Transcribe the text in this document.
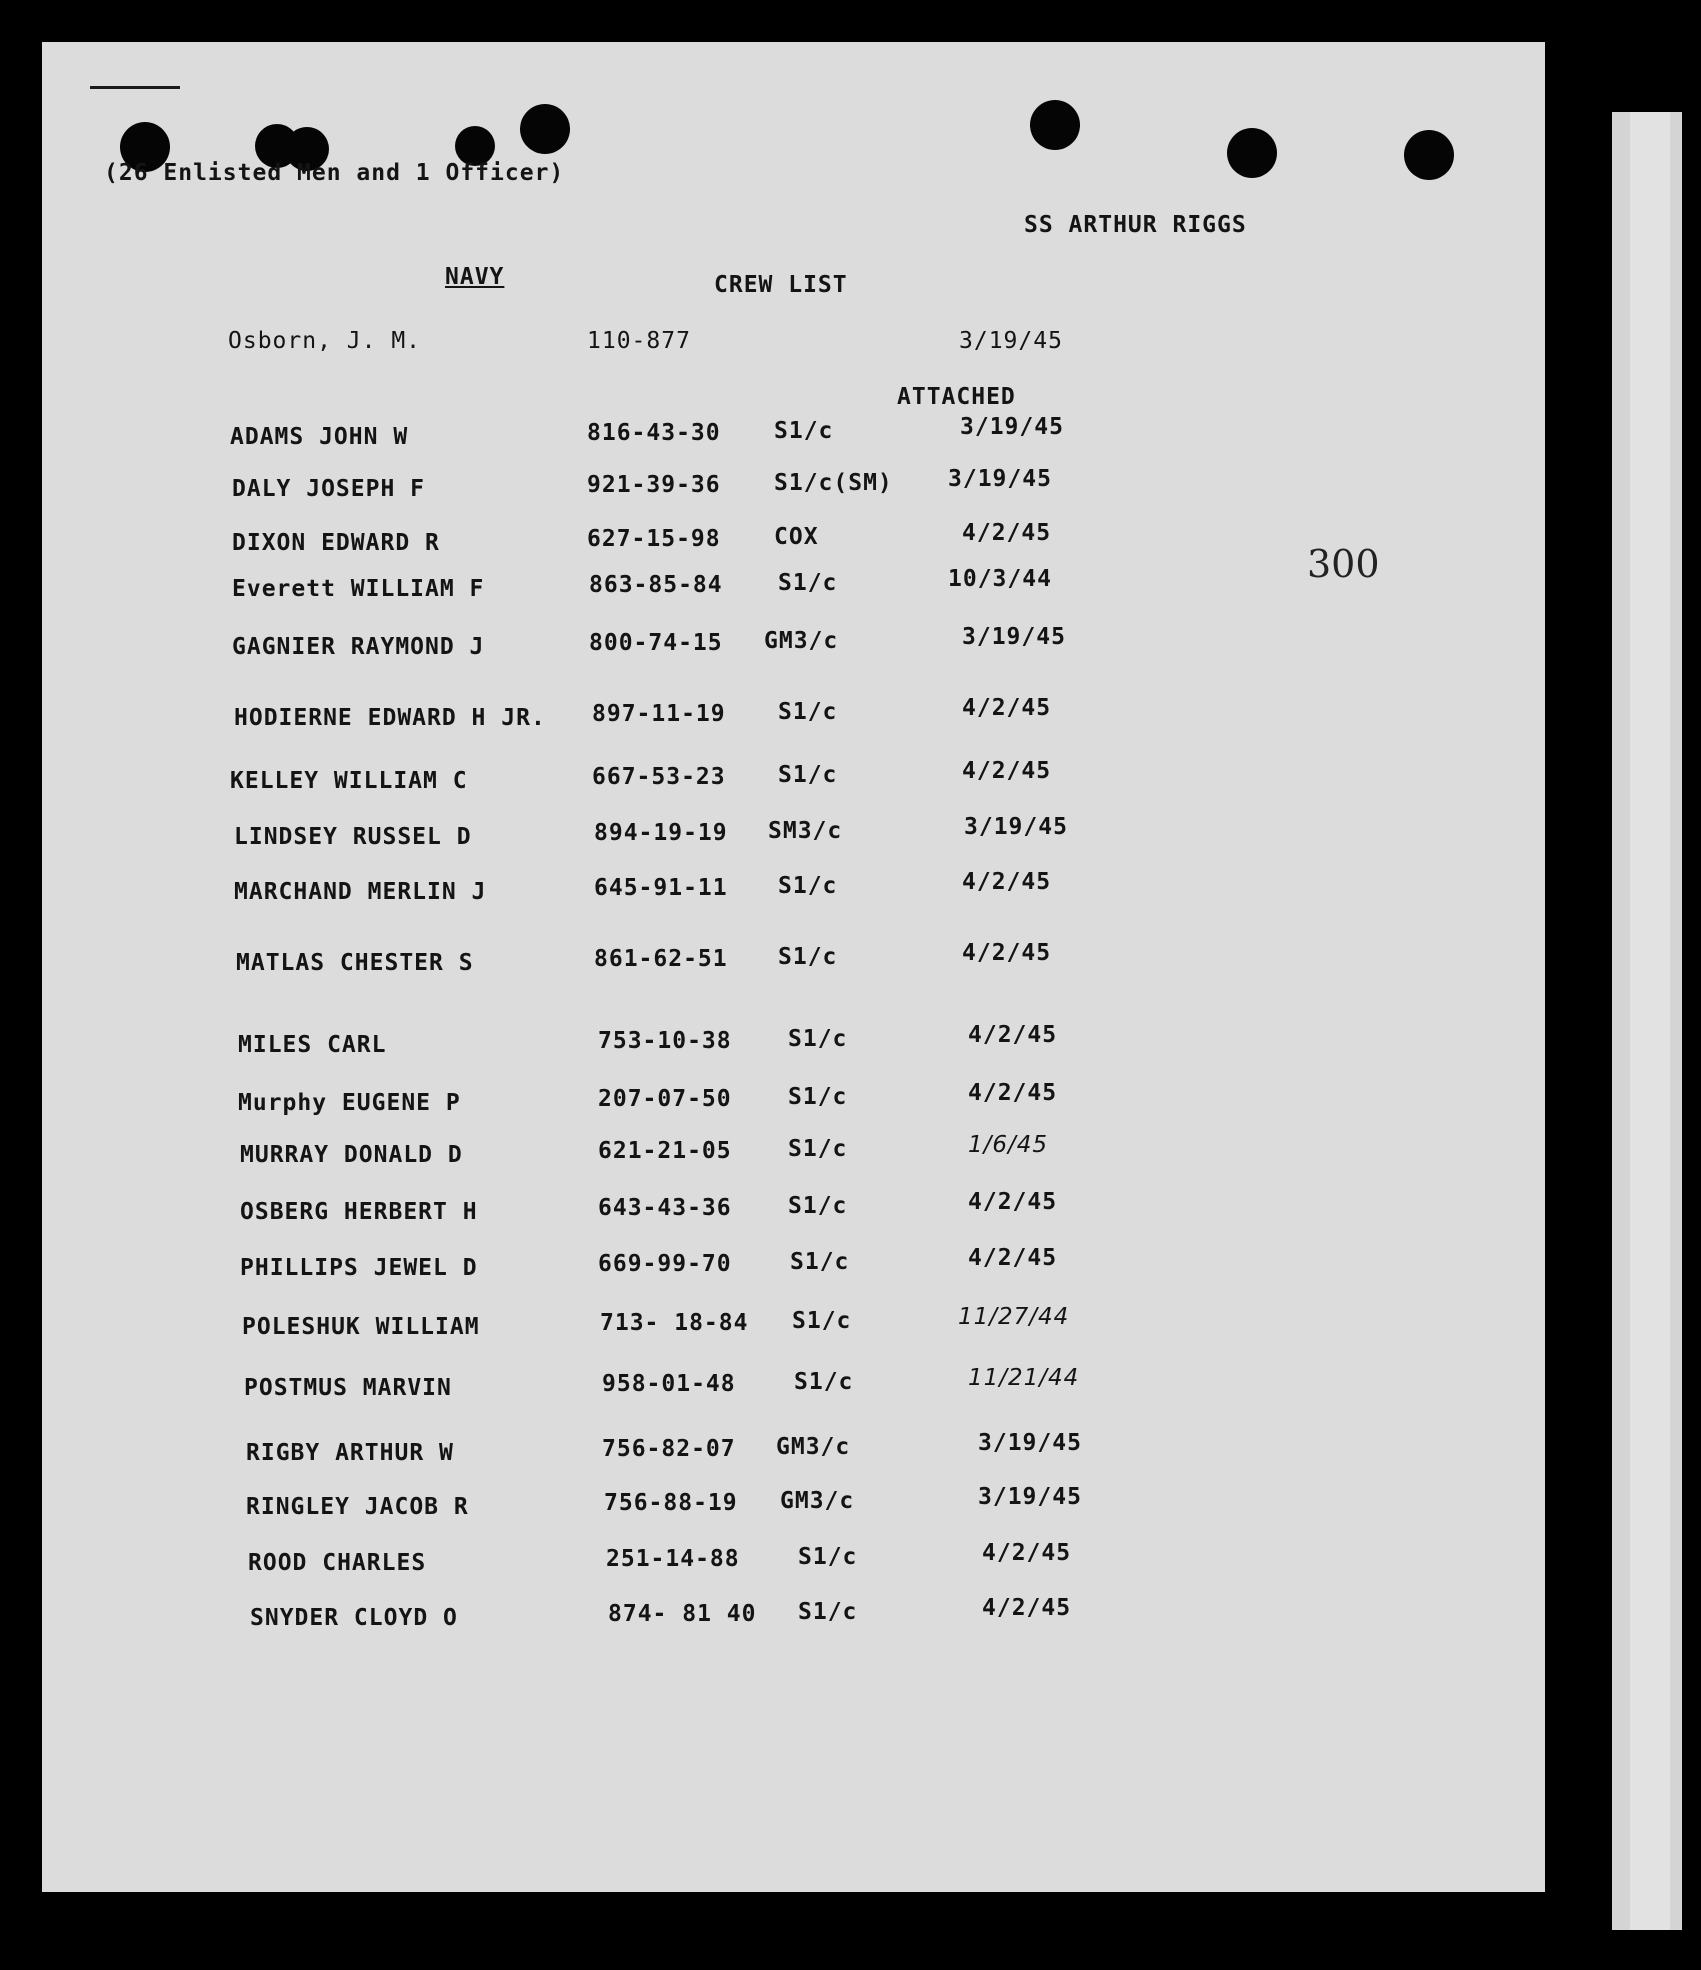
(26 Enlisted Men and 1 Officer)
SS ARTHUR RIGGS
NAVY	CREW LIST
Osborn, J. M.	110-877	3/19/45
ATTACHED
300
ADAMS JOHN W	816-43-30 S1/c	3/19/45
DALY JOSEPH F	921-39-36 S1/c(SM) 3/19/45
DIXON EDWARD R	627-15-98 COX	4/2/45
Everett WILLIAM F	863-85-84 S1/c	10/3/44
GAGNIER RAYMOND J	800-74-15 GM3/c	3/19/45
HODIERNE EDWARD H JR. 897-11-19 S1/c	4/2/45
KELLEY WILLIAM C	667-53-23 S1/c	4/2/45
LINDSEY RUSSEL D	894-19-19 SM3/c	3/19/45
MARCHAND MERLIN J	645-91-11 S1/c	4/2/45
MATLAS CHESTER S	861-62-51 S1/c	4/2/45
MILES CARL	753-10-38 S1/c	4/2/45
Murphy EUGENE P	207-07-50 S1/c	4/2/45
MURRAY DONALD D	621-21-05 S1/c	1/6/45
OSBERG HERBERT H	643-43-36 S1/c	4/2/45
PHILLIPS JEWEL D	669-99-70	S1/c	4/2/45
POLESHUK WILLIAM	713- 18-84 S1/c	11/27/44
POSTMUS MARVIN	958-01-48	S1/c	11/21/44
RIGBY ARTHUR W	756-82-07 GM3/c	3/19/45
RINGLEY JACOB R	756-88-19 GM3/c	3/19/45
ROOD CHARLES	251-14-88	S1/c	4/2/45
SNYDER CLOYD O	874- 81 40 S1/c	4/2/45
